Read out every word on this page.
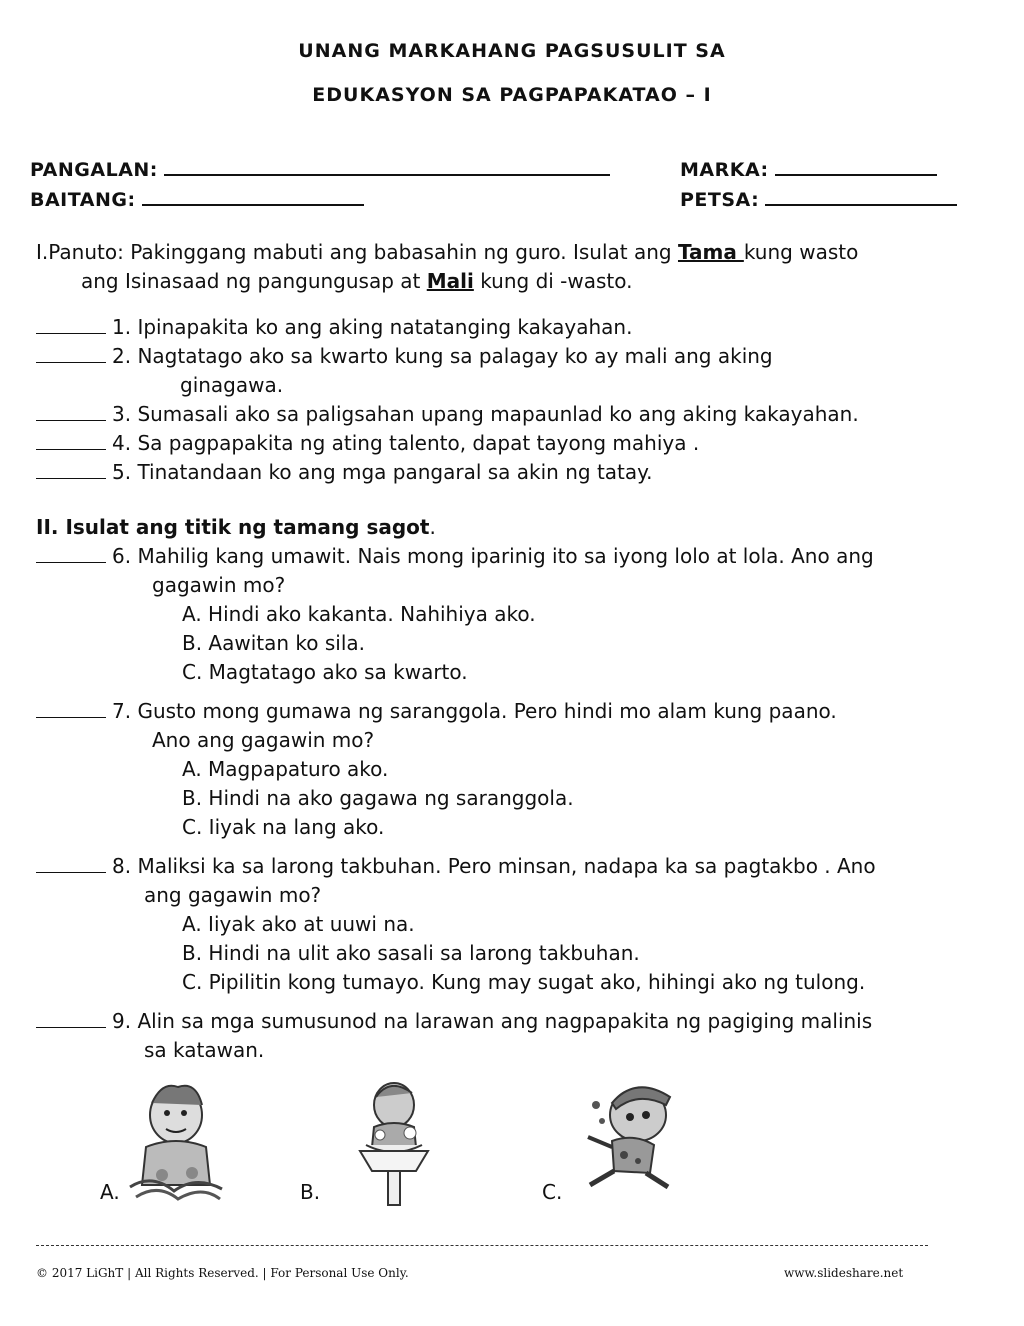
UNANG MARKAHANG PAGSUSULIT SA
EDUKASYON SA PAGPAPAKATAO – I
PANGALAN:	MARKA:
BAITANG:	PETSA:
I.Panuto: Pakinggang mabuti ang babasahin ng guro. Isulat ang Tama kung wasto
ang Isinasaad ng pangungusap at Mali kung di -wasto.
1. Ipinapakita ko ang aking natatanging kakayahan.
2. Nagtatago ako sa kwarto kung sa palagay ko ay mali ang aking
ginagawa.
3. Sumasali ako sa paligsahan upang mapaunlad ko ang aking kakayahan.
4. Sa pagpapakita ng ating talento, dapat tayong mahiya .
5. Tinatandaan ko ang mga pangaral sa akin ng tatay.
II. Isulat ang titik ng tamang sagot.
6. Mahilig kang umawit. Nais mong iparinig ito sa iyong lolo at lola. Ano ang
gagawin mo?
A. Hindi ako kakanta. Nahihiya ako.
B. Aawitan ko sila.
C. Magtatago ako sa kwarto.
7. Gusto mong gumawa ng saranggola. Pero hindi mo alam kung paano.
Ano ang gagawin mo?
A. Magpapaturo ako.
B. Hindi na ako gagawa ng saranggola.
C. Iiyak na lang ako.
8. Maliksi ka sa larong takbuhan. Pero minsan, nadapa ka sa pagtakbo . Ano
ang gagawin mo?
A. Iiyak ako at uuwi na.
B. Hindi na ulit ako sasali sa larong takbuhan.
C. Pipilitin kong tumayo. Kung may sugat ako, hihingi ako ng tulong.
9. Alin sa mga sumusunod na larawan ang nagpapakita ng pagiging malinis
sa katawan.
A.	B.	C.
© 2017 LiGhT | All Rights Reserved. | For Personal Use Only.	www.slideshare.net
